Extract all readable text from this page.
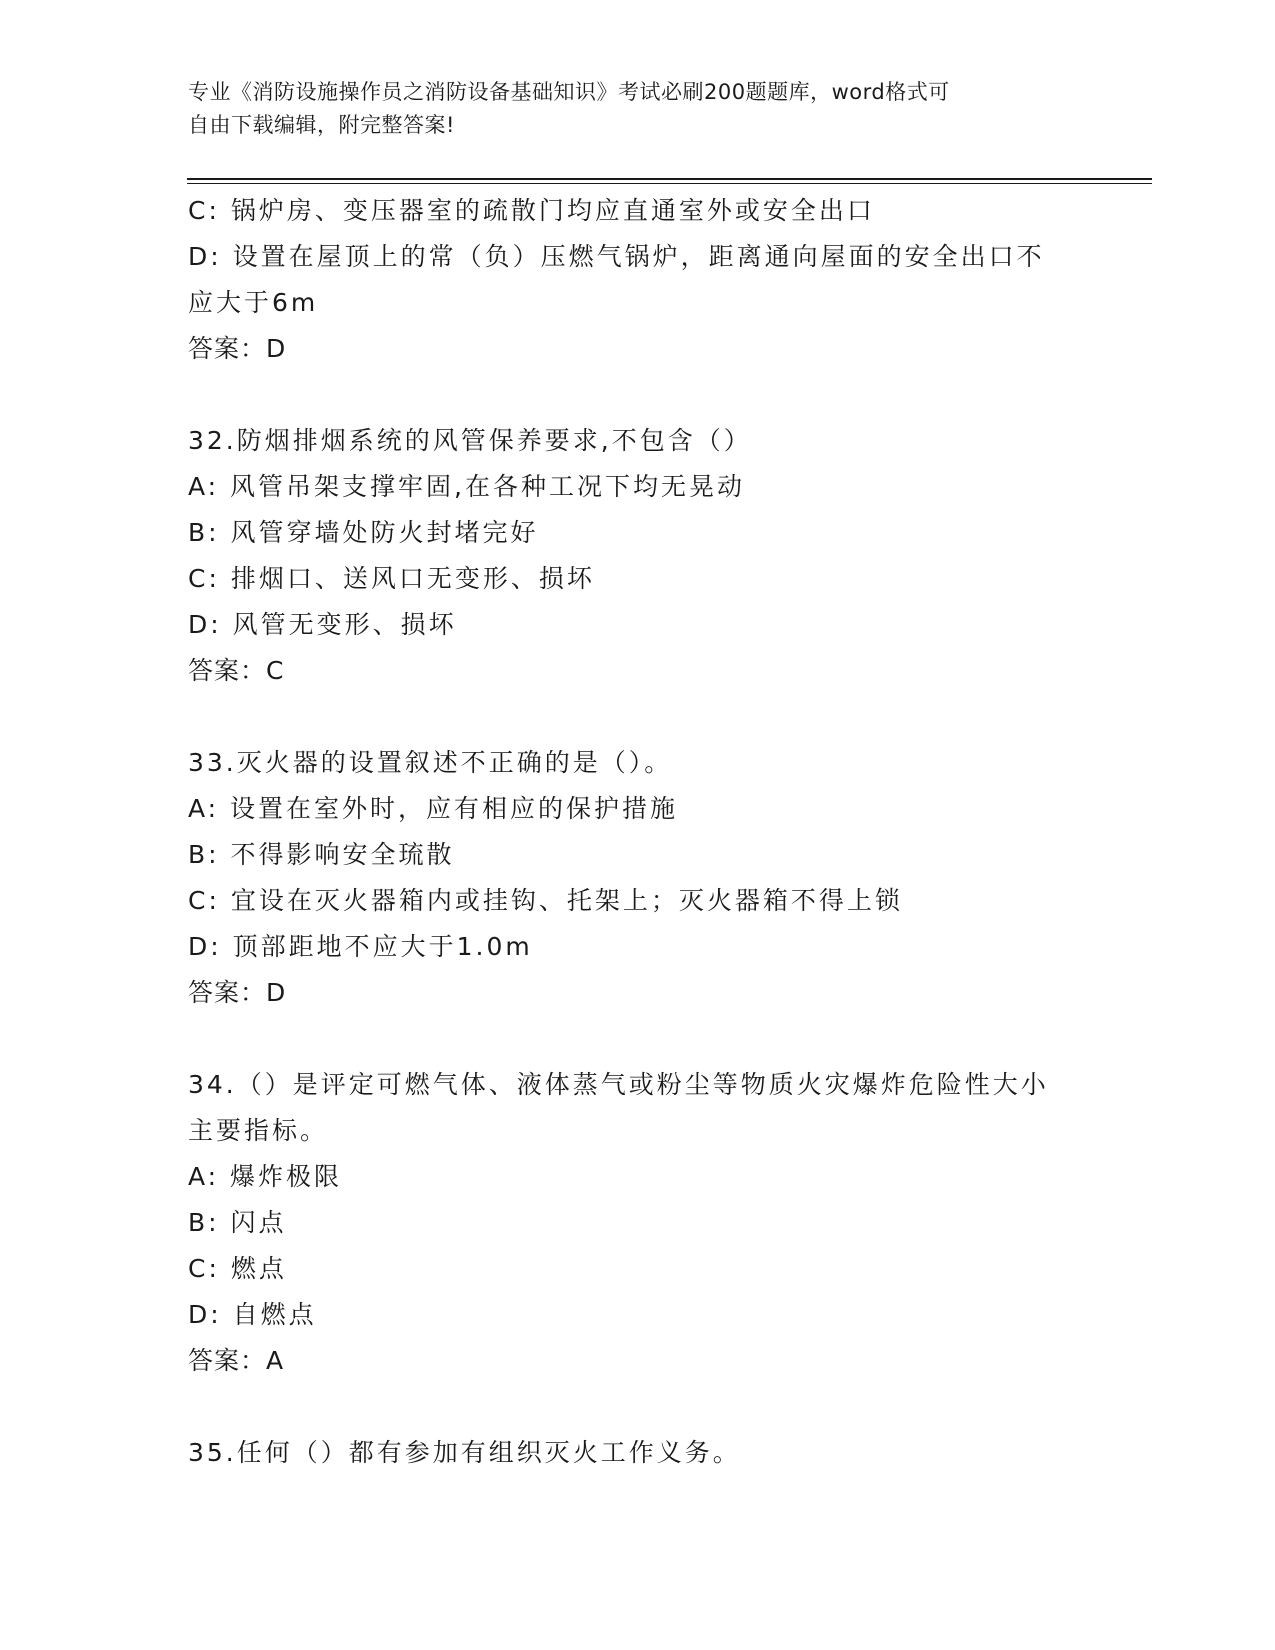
专业《消防设施操作员之消防设备基础知识》考试必刷200题题库，word格式可
自由下载编辑，附完整答案!
C: 锅炉房、变压器室的疏散门均应直通室外或安全出口
D: 设置在屋顶上的常（负）压燃气锅炉，距离通向屋面的安全出口不
应大于6m
答案：D
32.防烟排烟系统的风管保养要求,不包含（）
A: 风管吊架支撑牢固,在各种工况下均无晃动
B: 风管穿墙处防火封堵完好
C: 排烟口、送风口无变形、损坏
D: 风管无变形、损坏
答案：C
33.灭火器的设置叙述不正确的是（）。
A: 设置在室外时，应有相应的保护措施
B: 不得影响安全琉散
C: 宜设在灭火器箱内或挂钩、托架上；灭火器箱不得上锁
D: 顶部距地不应大于1.0m
答案：D
34.（）是评定可燃气体、液体蒸气或粉尘等物质火灾爆炸危险性大小
主要指标。
A: 爆炸极限
B: 闪点
C: 燃点
D: 自燃点
答案：A
35.任何（）都有参加有组织灭火工作义务。
